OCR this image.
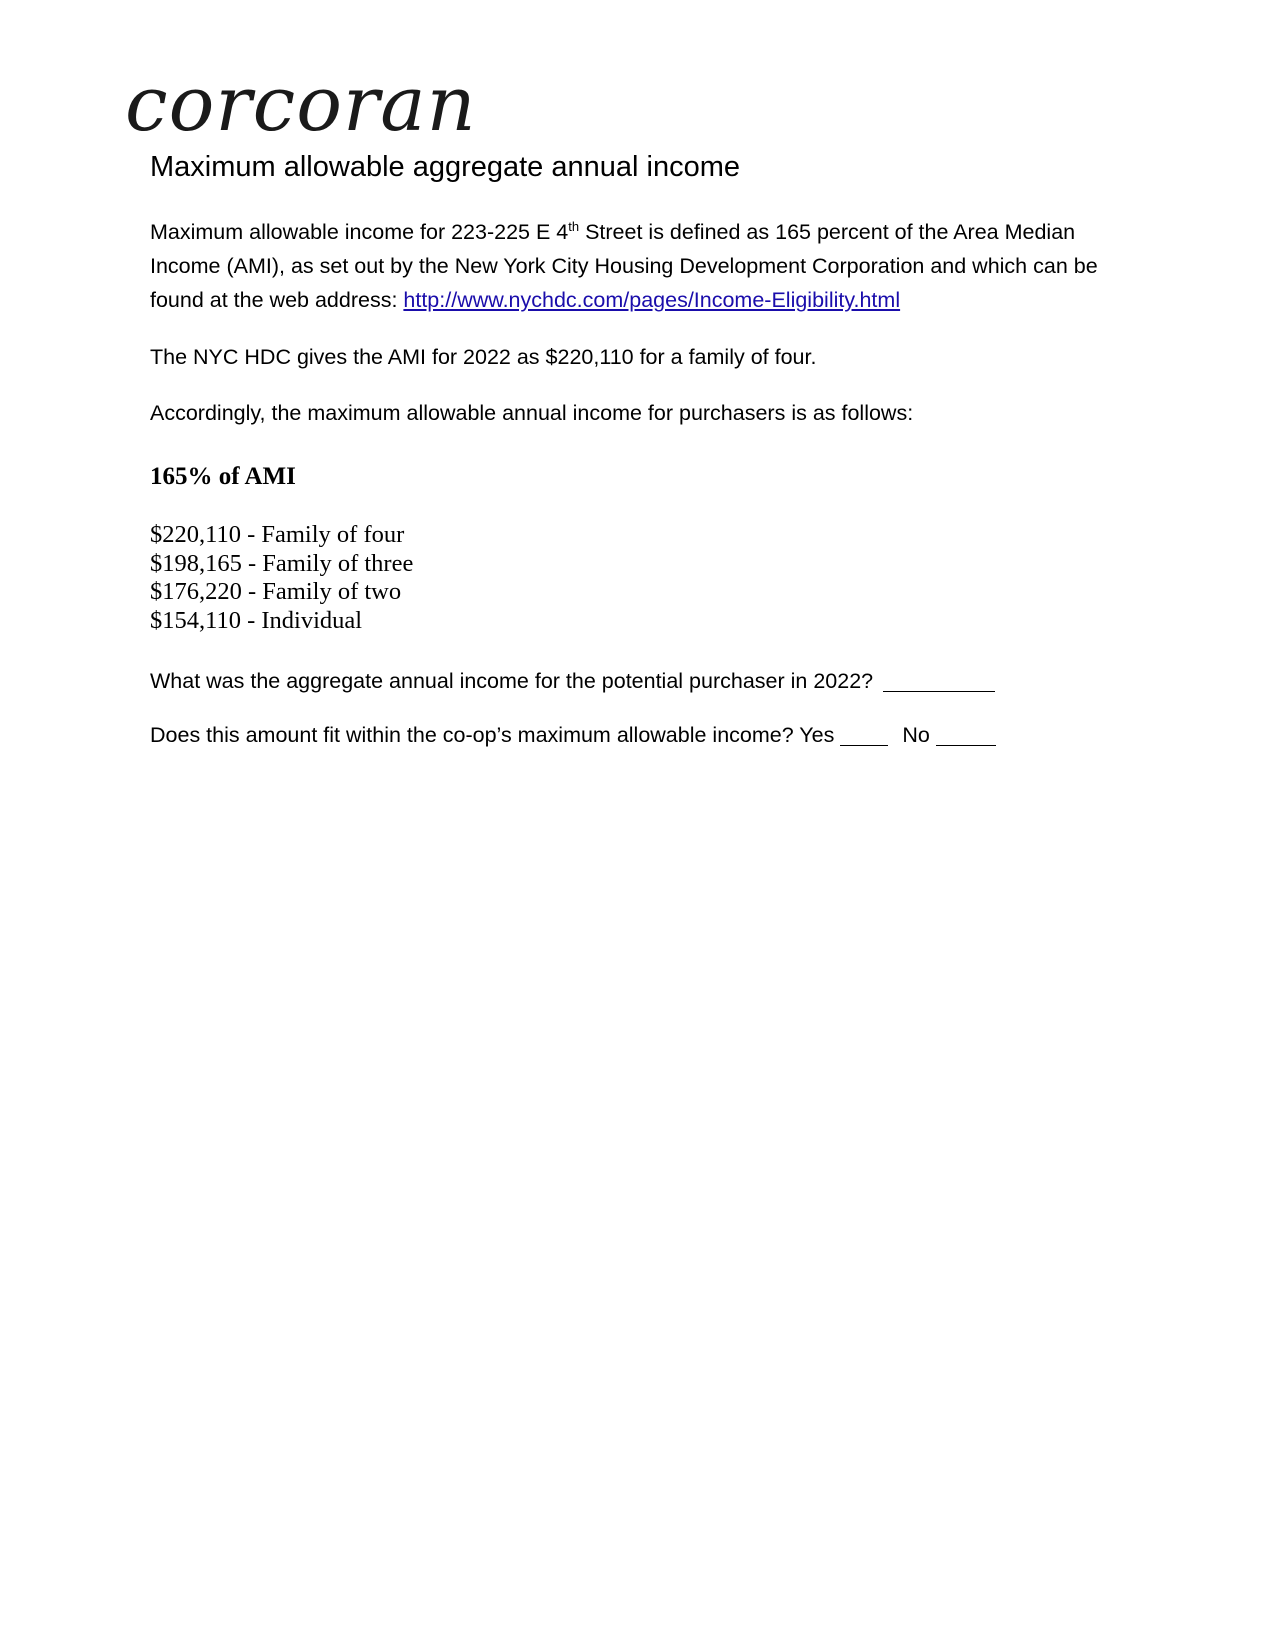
corcoran
Maximum allowable aggregate annual income
Maximum allowable income for 223-225 E 4th Street is defined as 165 percent of the Area Median Income (AMI), as set out by the New York City Housing Development Corporation and which can be found at the web address: http://www.nychdc.com/pages/Income-Eligibility.html
The NYC HDC gives the AMI for 2022 as $220,110 for a family of four.
Accordingly, the maximum allowable annual income for purchasers is as follows:
165% of AMI
$220,110 - Family of four
$198,165 - Family of three
$176,220 - Family of two
$154,110 - Individual
What was the aggregate annual income for the potential purchaser in 2022?
Does this amount fit within the co-op’s maximum allowable income? Yes	No
